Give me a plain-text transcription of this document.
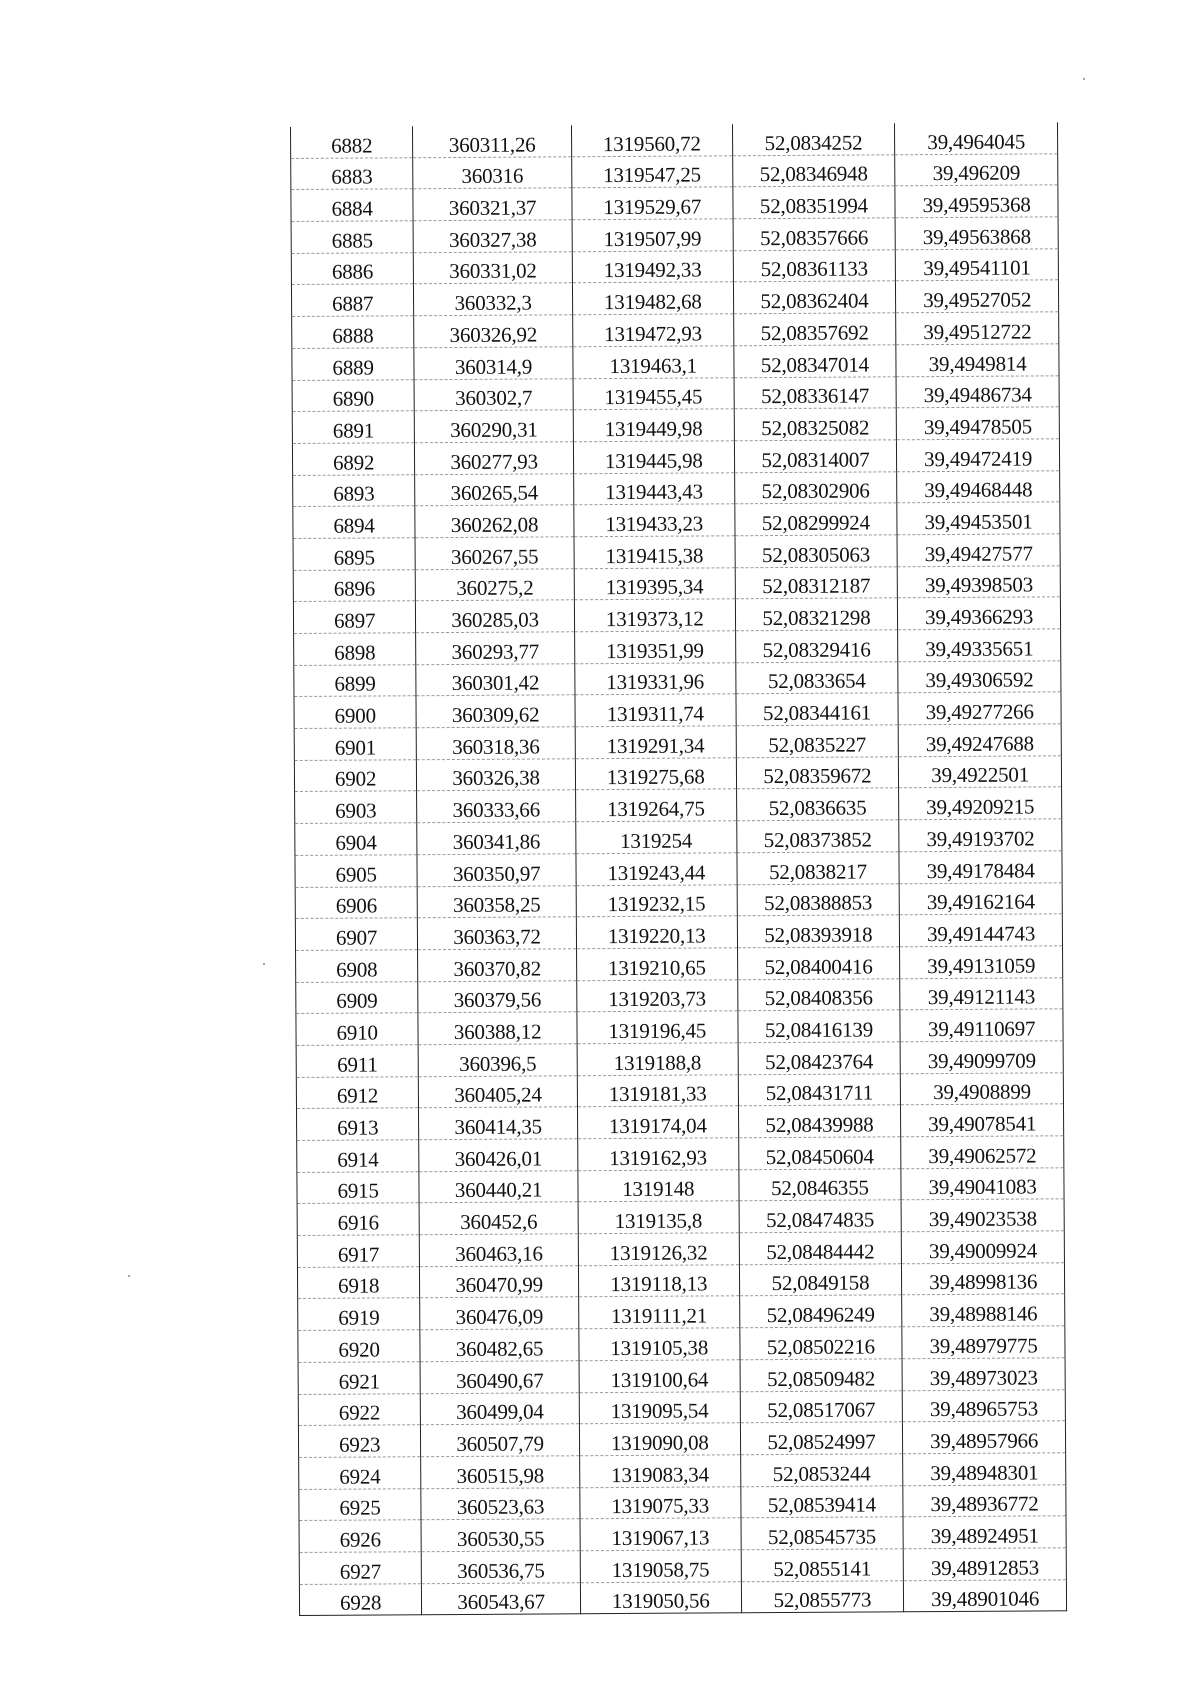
6882	360311,26	1319560,72	52,0834252	39,4964045
6883	360316	1319547,25	52,08346948	39,496209
6884	360321,37	1319529,67	52,08351994	39,49595368
6885	360327,38	1319507,99	52,08357666	39,49563868
6886	360331,02	1319492,33	52,08361133	39,49541101
6887	360332,3	1319482,68	52,08362404	39,49527052
6888	360326,92	1319472,93	52,08357692	39,49512722
6889	360314,9	1319463,1	52,08347014	39,4949814
6890	360302,7	1319455,45	52,08336147	39,49486734
6891	360290,31	1319449,98	52,08325082	39,49478505
6892	360277,93	1319445,98	52,08314007	39,49472419
6893	360265,54	1319443,43	52,08302906	39,49468448
6894	360262,08	1319433,23	52,08299924	39,49453501
6895	360267,55	1319415,38	52,08305063	39,49427577
6896	360275,2	1319395,34	52,08312187	39,49398503
6897	360285,03	1319373,12	52,08321298	39,49366293
6898	360293,77	1319351,99	52,08329416	39,49335651
6899	360301,42	1319331,96	52,0833654	39,49306592
6900	360309,62	1319311,74	52,08344161	39,49277266
6901	360318,36	1319291,34	52,0835227	39,49247688
6902	360326,38	1319275,68	52,08359672	39,4922501
6903	360333,66	1319264,75	52,0836635	39,49209215
6904	360341,86	1319254	52,08373852	39,49193702
6905	360350,97	1319243,44	52,0838217	39,49178484
6906	360358,25	1319232,15	52,08388853	39,49162164
6907	360363,72	1319220,13	52,08393918	39,49144743
6908	360370,82	1319210,65	52,08400416	39,49131059
6909	360379,56	1319203,73	52,08408356	39,49121143
6910	360388,12	1319196,45	52,08416139	39,49110697
6911	360396,5	1319188,8	52,08423764	39,49099709
6912	360405,24	1319181,33	52,08431711	39,4908899
6913	360414,35	1319174,04	52,08439988	39,49078541
6914	360426,01	1319162,93	52,08450604	39,49062572
6915	360440,21	1319148	52,0846355	39,49041083
6916	360452,6	1319135,8	52,08474835	39,49023538
6917	360463,16	1319126,32	52,08484442	39,49009924
6918	360470,99	1319118,13	52,0849158	39,48998136
6919	360476,09	1319111,21	52,08496249	39,48988146
6920	360482,65	1319105,38	52,08502216	39,48979775
6921	360490,67	1319100,64	52,08509482	39,48973023
6922	360499,04	1319095,54	52,08517067	39,48965753
6923	360507,79	1319090,08	52,08524997	39,48957966
6924	360515,98	1319083,34	52,0853244	39,48948301
6925	360523,63	1319075,33	52,08539414	39,48936772
6926	360530,55	1319067,13	52,08545735	39,48924951
6927	360536,75	1319058,75	52,0855141	39,48912853
6928	360543,67	1319050,56	52,0855773	39,48901046
